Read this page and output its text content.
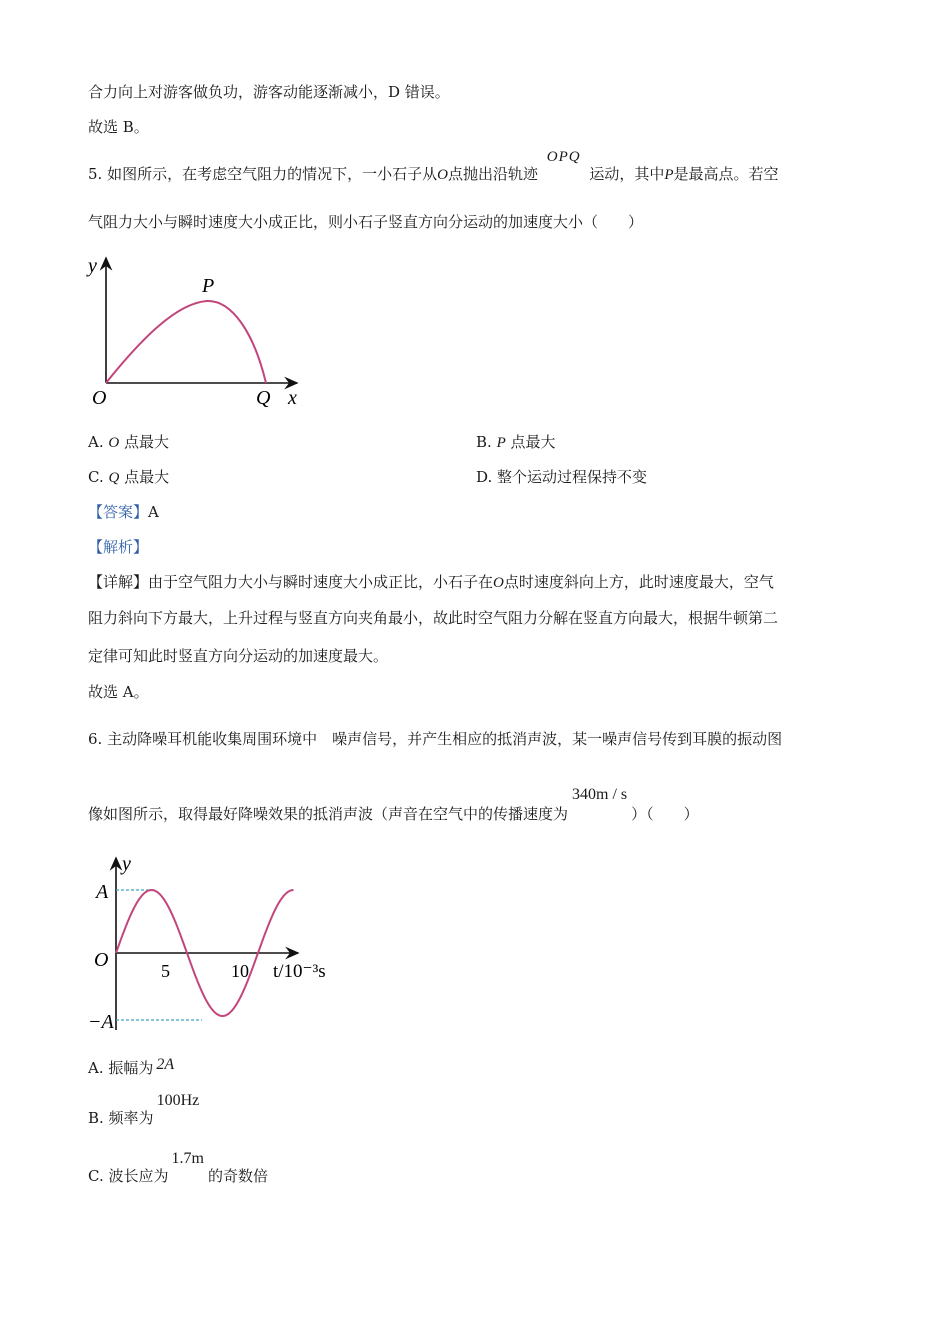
合力向上对游客做负功，游客动能逐渐减小，D 错误。
故选 B。
5. 如图所示，在考虑空气阻力的情况下，一小石子从O点抛出沿轨迹 OPQ 运动，其中P是最高点。若空
气阻力大小与瞬时速度大小成正比，则小石子竖直方向分运动的加速度大小（　　）
y
P
O	Q x
A. O 点最大	B. P 点最大
C. Q 点最大	D. 整个运动过程保持不变
【答案】A
【解析】
【详解】由于空气阻力大小与瞬时速度大小成正比，小石子在O点时速度斜向上方，此时速度最大，空气
阻力斜向下方最大，上升过程与竖直方向夹角最小，故此时空气阻力分解在竖直方向最大，根据牛顿第二
定律可知此时竖直方向分运动的加速度最大。
故选 A。
6. 主动降噪耳机能收集周围环境中　噪声信号，并产生相应的抵消声波，某一噪声信号传到耳膜的振动图
像如图所示，取得最好降噪效果的抵消声波（声音在空气中的传播速度为340m / s）（　　）
y
A
O	5	10 t/10⁻³s
−A
A. 振幅为 2A
B. 频率为100Hz
C. 波长应为1.7m的奇数倍
